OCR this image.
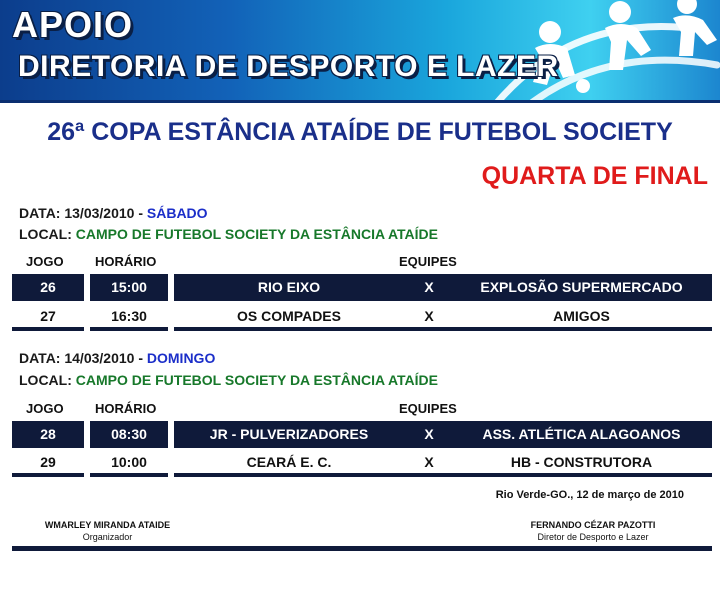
APOIO
DIRETORIA DE DESPORTO E LAZER
26ª COPA ESTÂNCIA ATAÍDE DE FUTEBOL SOCIETY
QUARTA DE FINAL
DATA: 13/03/2010 - SÁBADO
LOCAL: CAMPO DE FUTEBOL SOCIETY DA ESTÂNCIA ATAÍDE
JOGO HORÁRIO	EQUIPES
26	15:00	RIO EIXO	X	EXPLOSÃO SUPERMERCADO
27	16:30	OS COMPADES	X	AMIGOS
DATA: 14/03/2010 - DOMINGO
LOCAL: CAMPO DE FUTEBOL SOCIETY DA ESTÂNCIA ATAÍDE
JOGO HORÁRIO	EQUIPES
28	08:30	JR - PULVERIZADORES	X	ASS. ATLÉTICA ALAGOANOS
29	10:00	CEARÁ E. C.	X	HB - CONSTRUTORA
Rio Verde-GO., 12 de março de 2010
WMARLEY MIRANDA ATAIDE
Organizador
FERNANDO CÉZAR PAZOTTI
Diretor de Desporto e Lazer
